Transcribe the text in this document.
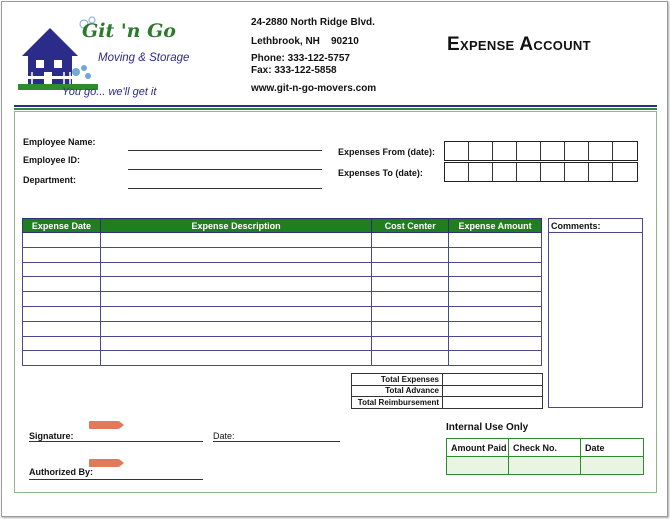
Git 'n Go
Moving & Storage
You go... we'll get it
24-2880 North Ridge Blvd.
Lethbrook, NH    90210
Phone: 333-122-5757
Fax: 333-122-5858
www.git-n-go-movers.com
Expense Account
Employee Name:
Employee ID:
Department:
Expenses From (date):
Expenses To (date):
Expense Date	Expense Description	Cost Center	Expense Amount

			Comments:
Total Expenses	
Total Advance	
Total Reimbursement	
Signature:	Date:
Authorized By:
Internal Use Only
Amount Paid	Check No.	Date
